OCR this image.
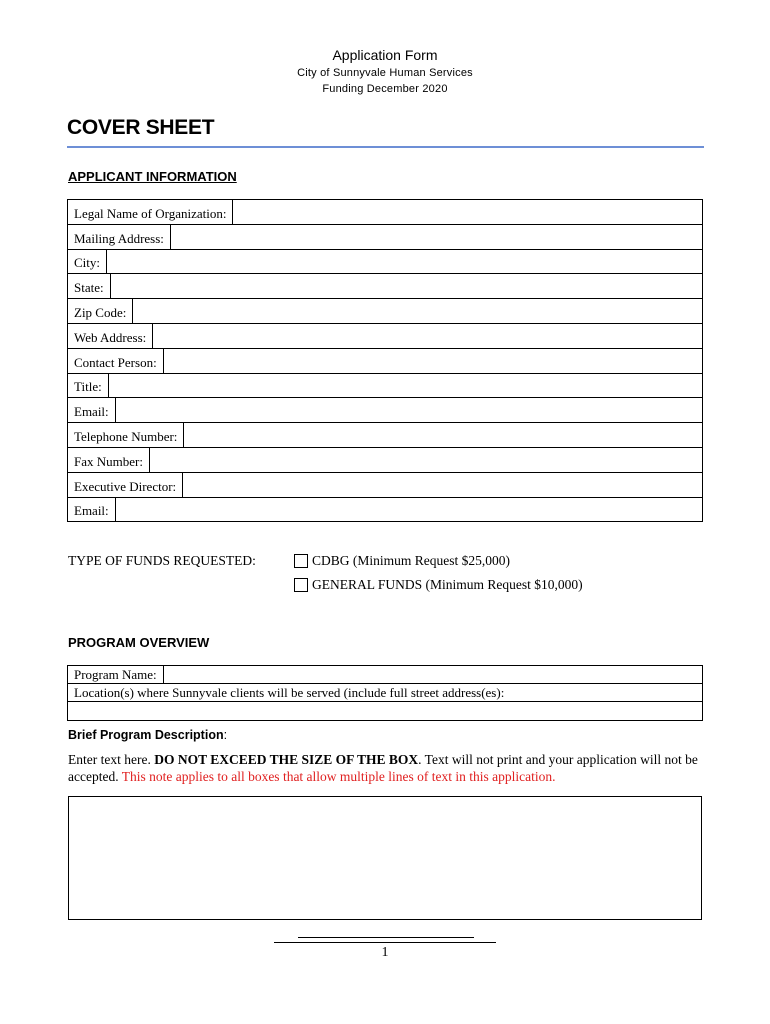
Application Form
City of Sunnyvale Human Services
Funding December 2020
COVER SHEET
APPLICANT INFORMATION
Legal Name of Organization:

Mailing Address:

City:

State:

Zip Code:

Web Address:

Contact Person:

Title:

Email:

Telephone Number:

Fax Number:

Executive Director:

Email:
TYPE OF FUNDS REQUESTED:	CDBG (Minimum Request $25,000)
GENERAL FUNDS (Minimum Request $10,000)
PROGRAM OVERVIEW
Program Name:

Location(s) where Sunnyvale clients will be served (include full street address(es):

Brief Program Description:
Enter text here. DO NOT EXCEED THE SIZE OF THE BOX. Text will not print and your application will not be accepted. This note applies to all boxes that allow multiple lines of text in this application.
1
